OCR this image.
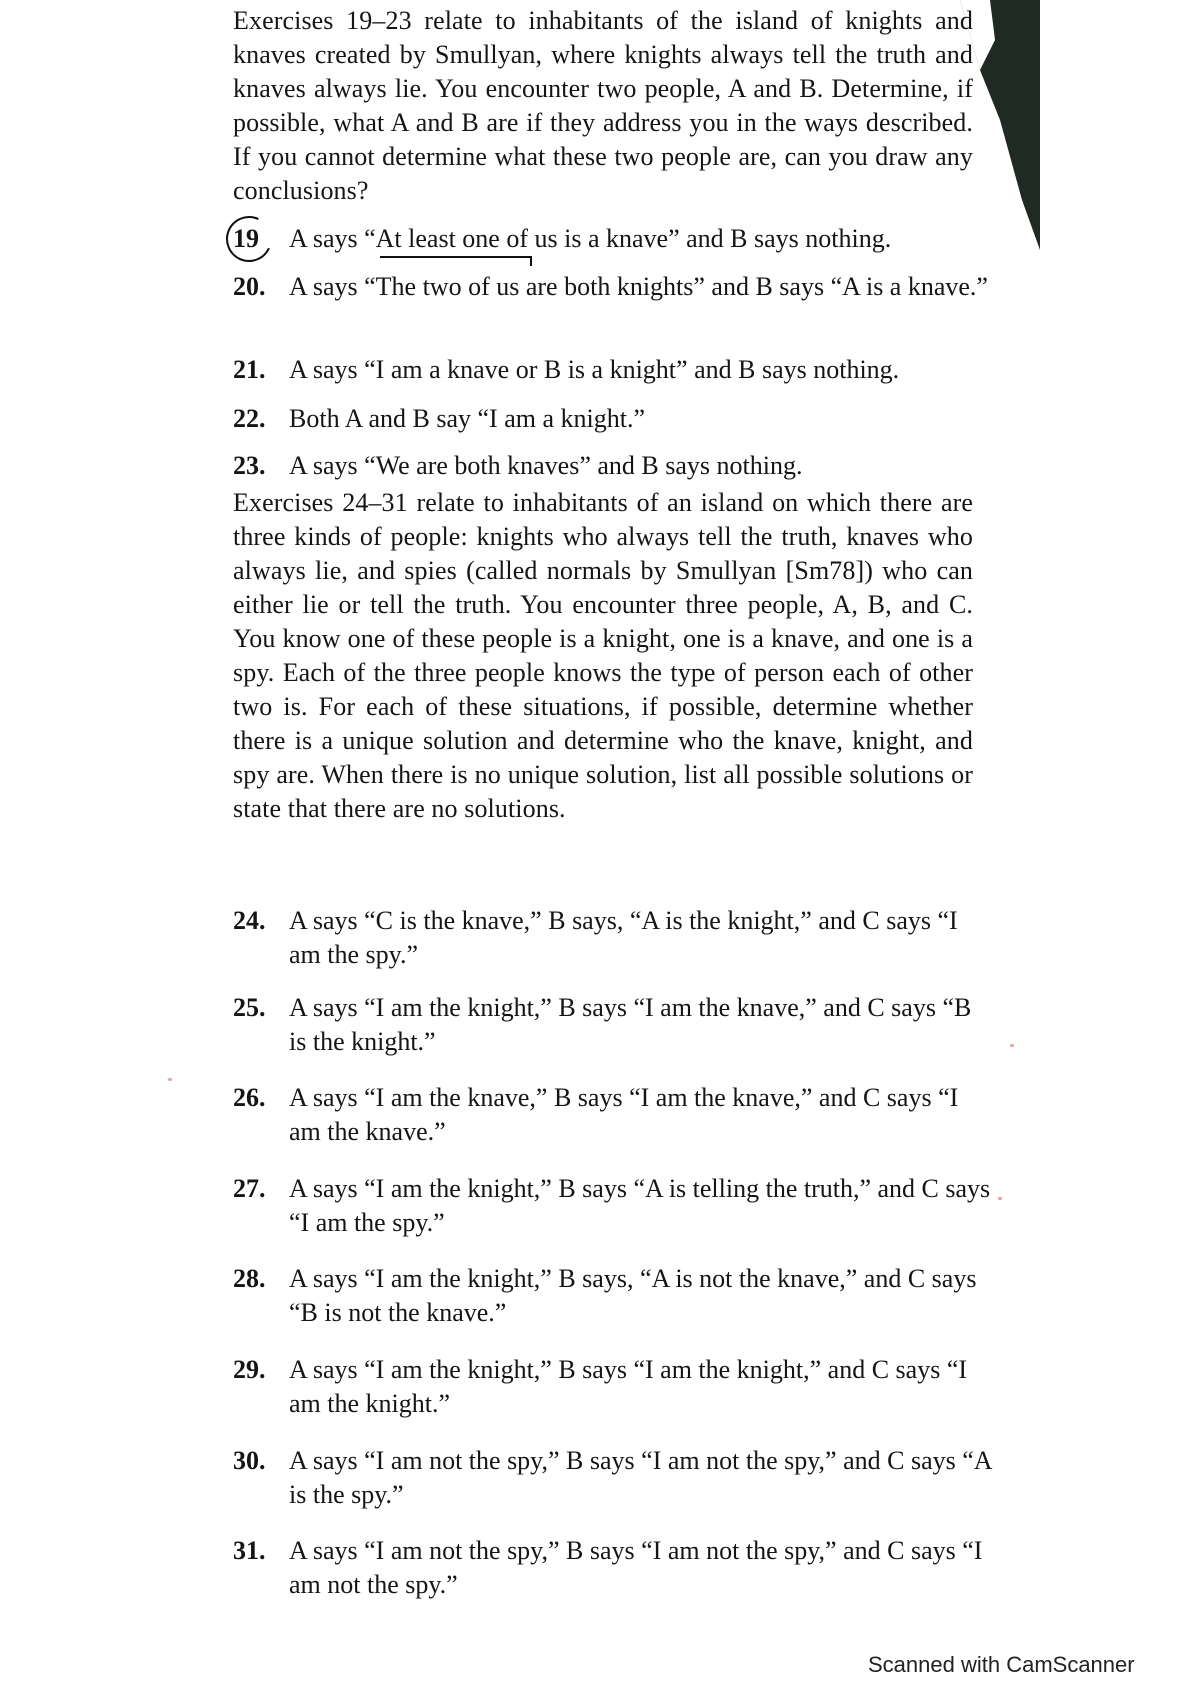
Exercises 19–23 relate to inhabitants of the island of knights and knaves created by Smullyan, where knights always tell the truth and knaves always lie. You encounter two people, A and B. Determine, if possible, what A and B are if they address you in the ways described. If you cannot determine what these two people are, can you draw any conclusions?
19	A says “At least one of us is a knave” and B says nothing.
20. A says “The two of us are both knights” and B says “A is a knave.”
21. A says “I am a knave or B is a knight” and B says nothing.
22. Both A and B say “I am a knight.”
23. A says “We are both knaves” and B says nothing.
Exercises 24–31 relate to inhabitants of an island on which there are three kinds of people: knights who always tell the truth, knaves who always lie, and spies (called normals by Smullyan [Sm78]) who can either lie or tell the truth. You encounter three people, A, B, and C. You know one of these people is a knight, one is a knave, and one is a spy. Each of the three people knows the type of person each of other two is. For each of these situations, if possible, determine whether there is a unique solution and determine who the knave, knight, and spy are. When there is no unique solution, list all possible solutions or state that there are no solutions.
24. A says “C is the knave,” B says, “A is the knight,” and C says “I am the spy.”
25. A says “I am the knight,” B says “I am the knave,” and C says “B is the knight.”
26. A says “I am the knave,” B says “I am the knave,” and C says “I am the knave.”
27. A says “I am the knight,” B says “A is telling the truth,” and C says “I am the spy.”
28. A says “I am the knight,” B says, “A is not the knave,” and C says “B is not the knave.”
29. A says “I am the knight,” B says “I am the knight,” and C says “I am the knight.”
30. A says “I am not the spy,” B says “I am not the spy,” and C says “A is the spy.”
31. A says “I am not the spy,” B says “I am not the spy,” and C says “I am not the spy.”
Scanned with CamScanner
